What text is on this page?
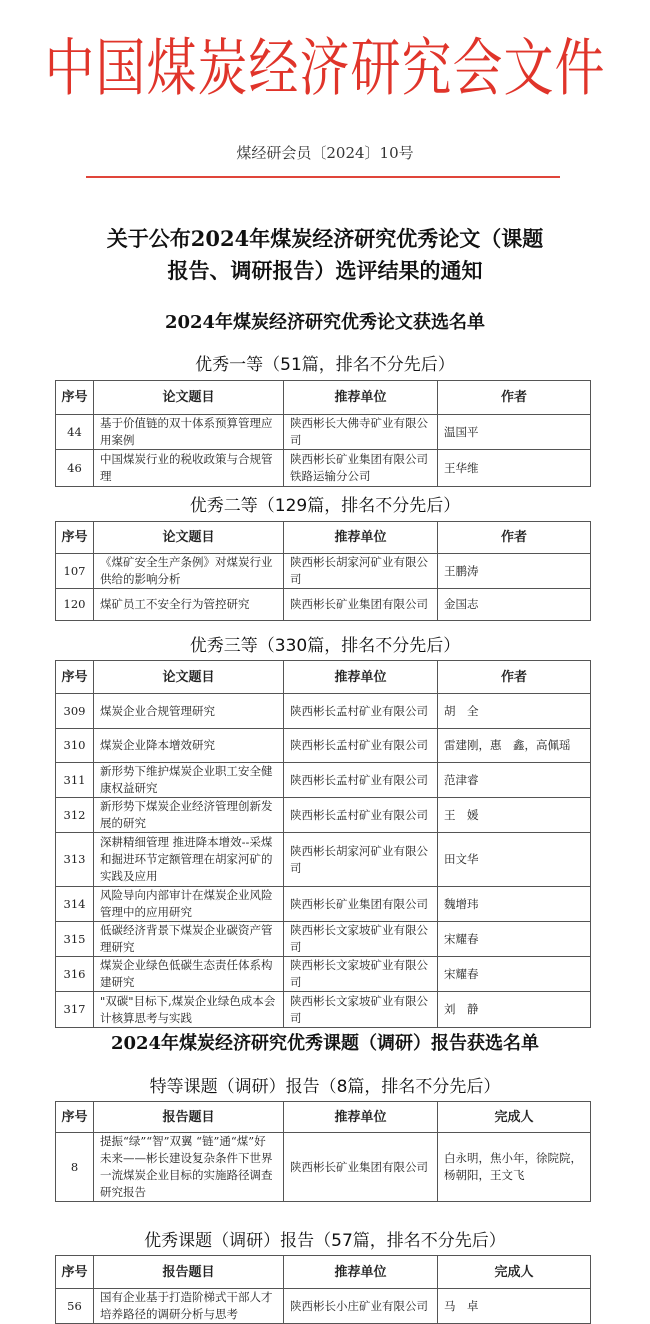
中国煤炭经济研究会文件
煤经研会员〔2024〕10号
关于公布2024年煤炭经济研究优秀论文（课题
报告、调研报告）选评结果的通知
2024年煤炭经济研究优秀论文获选名单
2024年煤炭经济研究优秀课题（调研）报告获选名单
优秀一等（51篇，排名不分先后）
序号	论文题目	推荐单位	作者
44	基于价值链的双十体系预算管理应用案例	陕西彬长大佛寺矿业有限公司	温国平
46	中国煤炭行业的税收政策与合规管理	陕西彬长矿业集团有限公司铁路运输分公司	王华维
优秀二等（129篇，排名不分先后）
序号	论文题目	推荐单位	作者
107	《煤矿安全生产条例》对煤炭行业供给的影响分析	陕西彬长胡家河矿业有限公司	王鹏涛
120	煤矿员工不安全行为管控研究	陕西彬长矿业集团有限公司	金国志
优秀三等（330篇，排名不分先后）
序号	论文题目	推荐单位	作者
309	煤炭企业合规管理研究	陕西彬长孟村矿业有限公司	胡　全
310	煤炭企业降本增效研究	陕西彬长孟村矿业有限公司	雷建刚，惠　鑫，高佩瑶
311	新形势下维护煤炭企业职工安全健康权益研究	陕西彬长孟村矿业有限公司	范津睿
312	新形势下煤炭企业经济管理创新发展的研究	陕西彬长孟村矿业有限公司	王　媛
313	深耕精细管理 推进降本增效--采煤和掘进环节定额管理在胡家河矿的实践及应用	陕西彬长胡家河矿业有限公司	田文华
314	风险导向内部审计在煤炭企业风险管理中的应用研究	陕西彬长矿业集团有限公司	魏增玮
315	低碳经济背景下煤炭企业碳资产管理研究	陕西彬长文家坡矿业有限公司	宋耀春
316	煤炭企业绿色低碳生态责任体系构建研究	陕西彬长文家坡矿业有限公司	宋耀春
317	"双碳"目标下,煤炭企业绿色成本会计核算思考与实践	陕西彬长文家坡矿业有限公司	刘　静
特等课题（调研）报告（8篇，排名不分先后）
序号	报告题目	推荐单位	完成人
8	提振“绿”“智”双翼 “链”通“煤”好未来——彬长建设复杂条件下世界一流煤炭企业目标的实施路径调查研究报告	陕西彬长矿业集团有限公司	白永明，焦小年，徐院院，杨朝阳，王文飞
优秀课题（调研）报告（57篇，排名不分先后）
序号	报告题目	推荐单位	完成人
56	国有企业基于打造阶梯式干部人才培养路径的调研分析与思考	陕西彬长小庄矿业有限公司	马　卓
